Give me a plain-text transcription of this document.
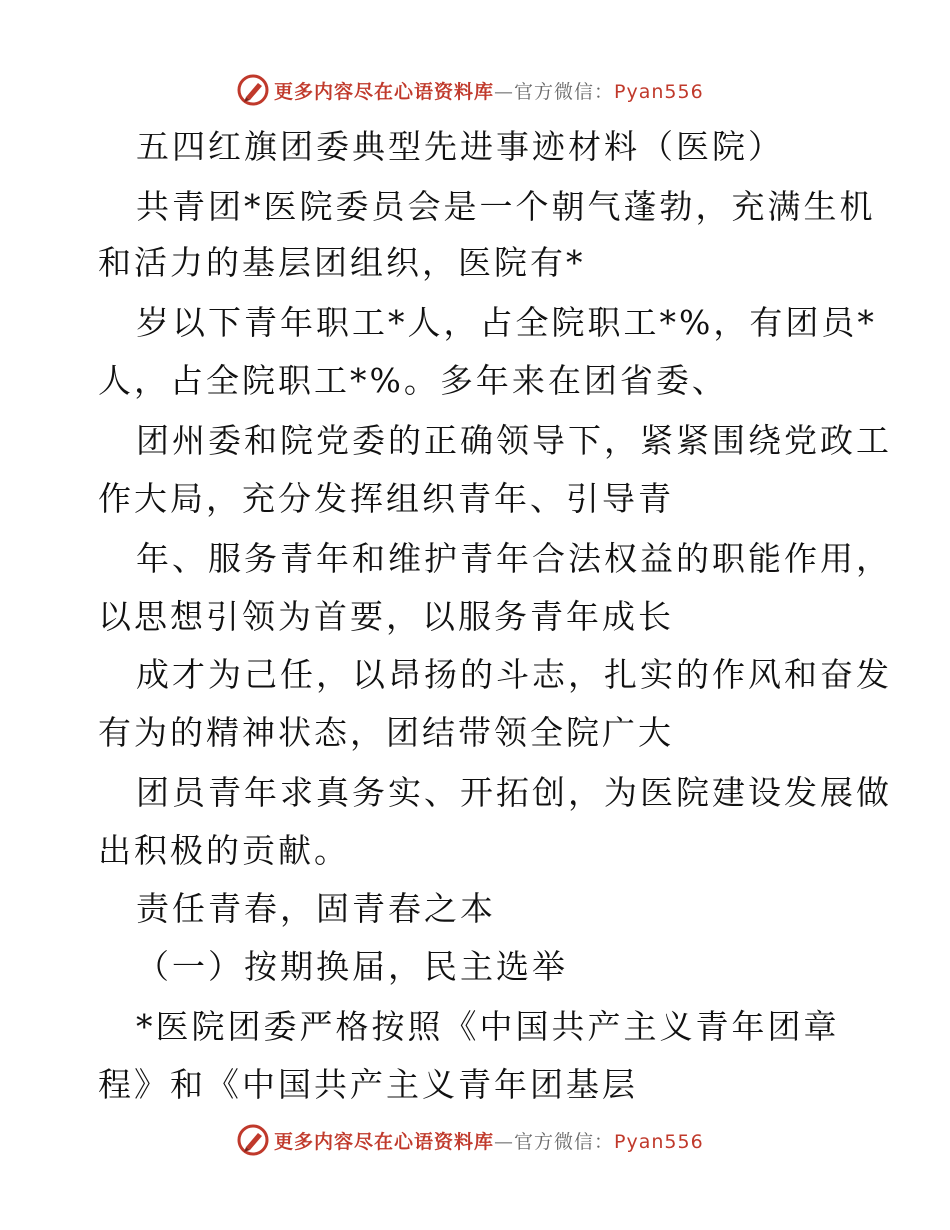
更多内容尽在心语资料库—官方微信：Pyan556
五四红旗团委典型先进事迹材料（医院）
共青团*医院委员会是一个朝气蓬勃，充满生机
和活力的基层团组织，医院有*
岁以下青年职工*人，占全院职工*%，有团员*
人，占全院职工*%。多年来在团省委、
团州委和院党委的正确领导下，紧紧围绕党政工
作大局，充分发挥组织青年、引导青
年、服务青年和维护青年合法权益的职能作用，
以思想引领为首要，以服务青年成长
成才为己任，以昂扬的斗志，扎实的作风和奋发
有为的精神状态，团结带领全院广大
团员青年求真务实、开拓创，为医院建设发展做
出积极的贡献。
责任青春，固青春之本
（一）按期换届，民主选举
*医院团委严格按照《中国共产主义青年团章
程》和《中国共产主义青年团基层
更多内容尽在心语资料库—官方微信：Pyan556
